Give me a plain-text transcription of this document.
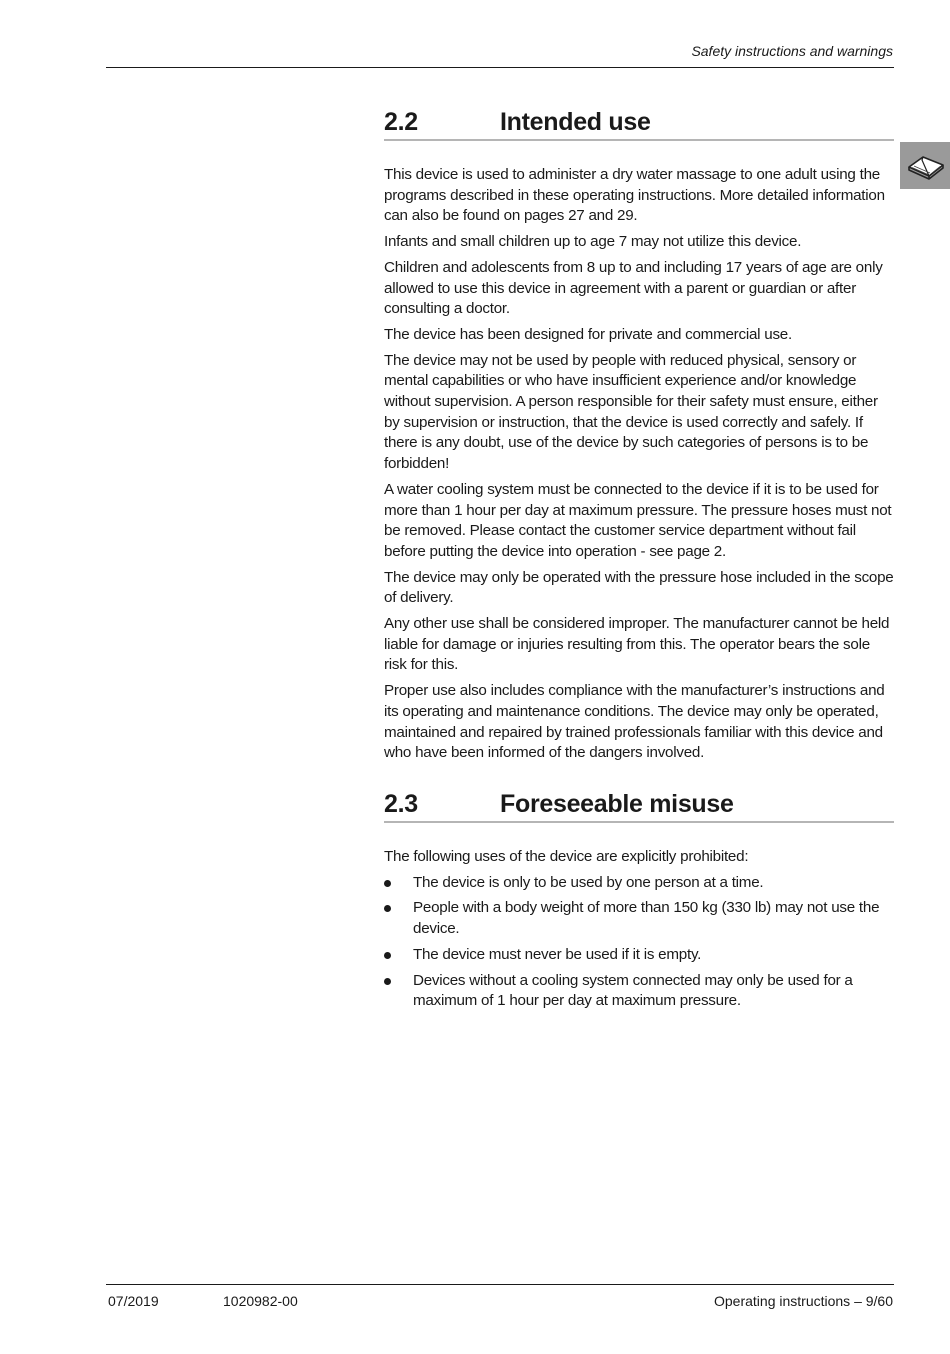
Safety instructions and warnings
2.2	Intended use

This device is used to administer a dry water massage to one adult using the programs described in these operating instructions. More detailed information can also be found on pages 27 and 29.

Infants and small children up to age 7 may not utilize this device.

Children and adolescents from 8 up to and including 17 years of age are only allowed to use this device in agreement with a parent or guardian or after consulting a doctor.

The device has been designed for private and commercial use.

The device may not be used by people with reduced physical, sensory or mental capabilities or who have insufficient experience and/or knowledge without supervision. A person responsible for their safety must ensure, either by supervision or instruction, that the device is used correctly and safely. If there is any doubt, use of the device by such categories of persons is to be forbidden!

A water cooling system must be connected to the device if it is to be used for more than 1 hour per day at maximum pressure. The pressure hoses must not be removed. Please contact the customer service department without fail before putting the device into operation - see page 2.

The device may only be operated with the pressure hose included in the scope of delivery.

Any other use shall be considered improper. The manufacturer cannot be held liable for damage or injuries resulting from this. The operator bears the sole risk for this.

Proper use also includes compliance with the manufacturer’s instructions and its operating and maintenance conditions. The device may only be operated, maintained and repaired by trained professionals familiar with this device and who have been informed of the dangers involved.

2.3	Foreseeable misuse

The following uses of the device are explicitly prohibited:

The device is only to be used by one person at a time.
People with a body weight of more than 150 kg (330 lb) may not use the device.
The device must never be used if it is empty.
Devices without a cooling system connected may only be used for a maximum of 1 hour per day at maximum pressure.
07/2019	1020982-00	Operating instructions – 9/60
